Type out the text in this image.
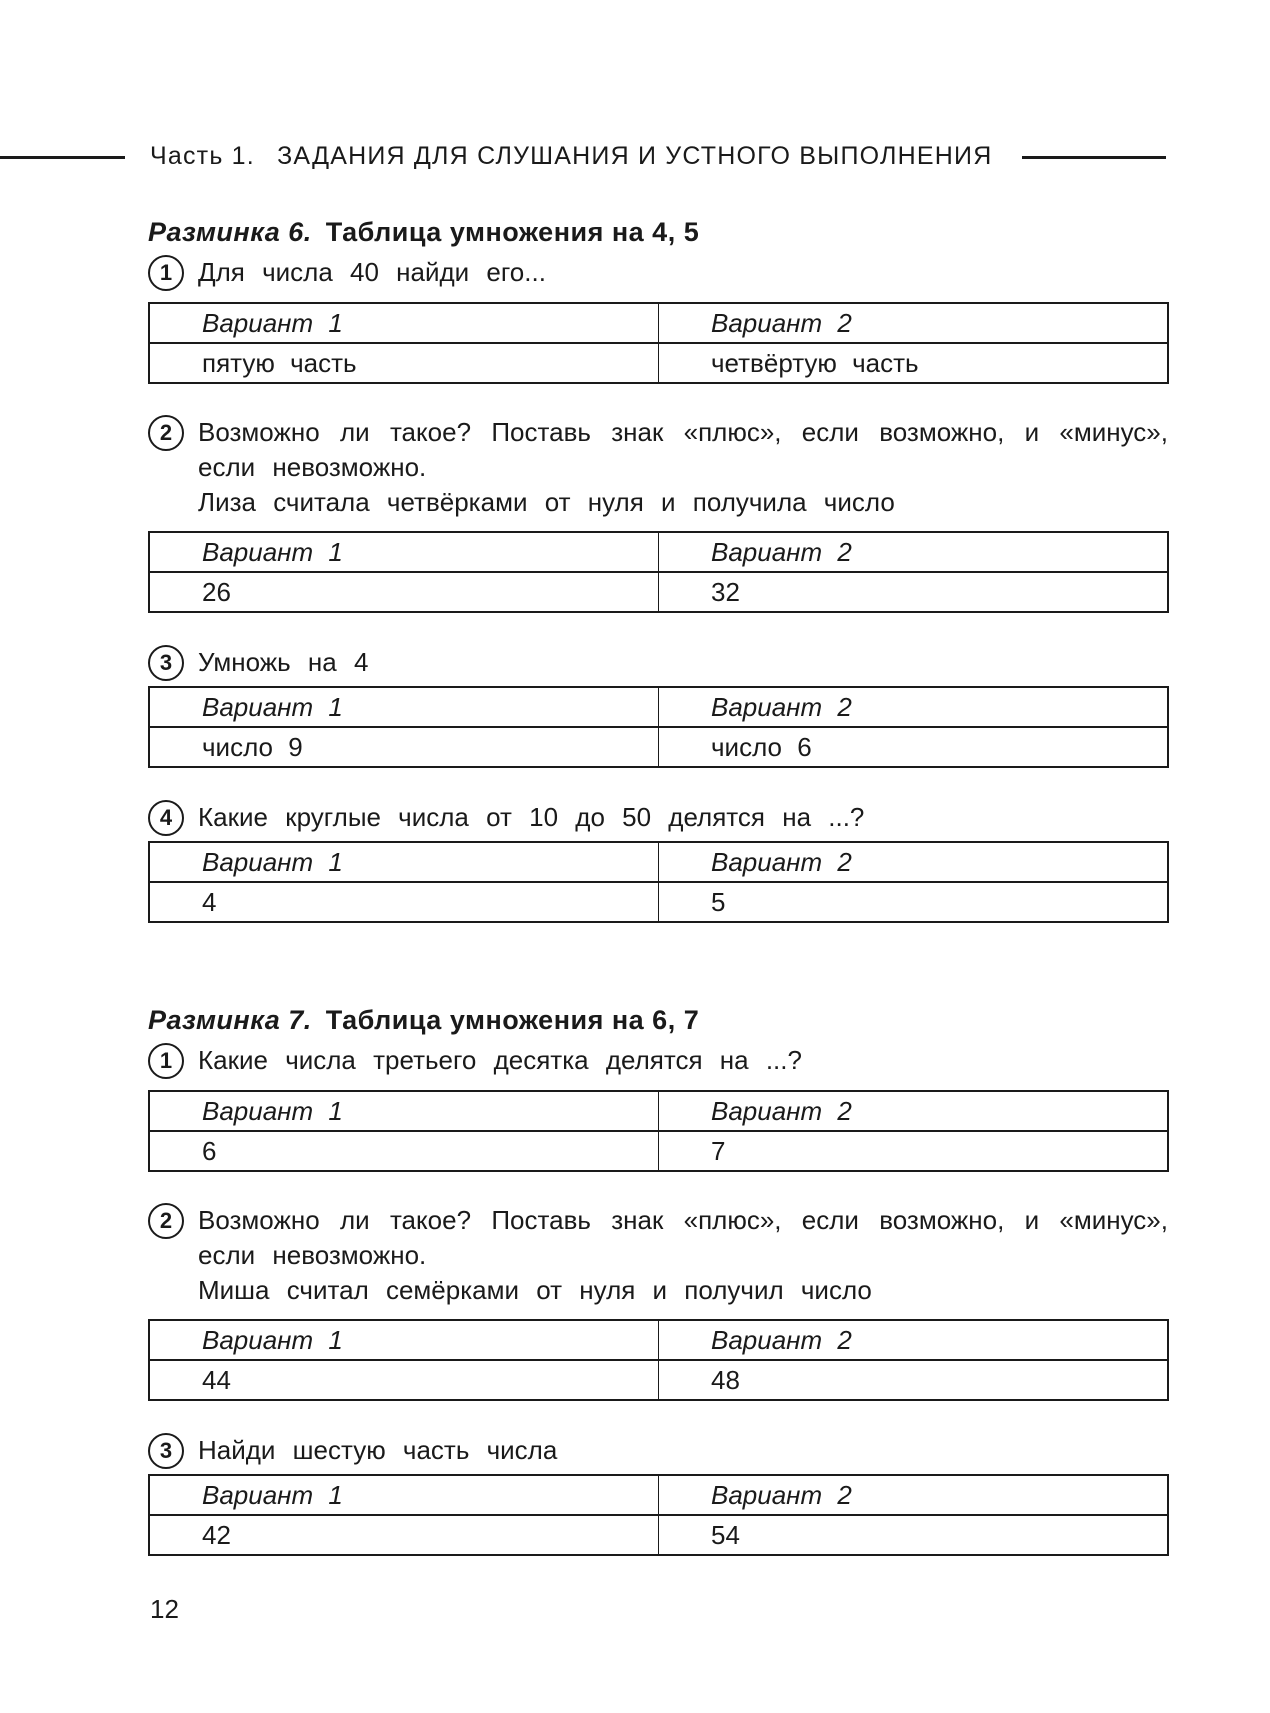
Часть 1. ЗАДАНИЯ ДЛЯ СЛУШАНИЯ И УСТНОГО ВЫПОЛНЕНИЯ
Разминка 6. Таблица умножения на 4, 5
1 Для числа 40 найди его...
Вариант 1	Вариант 2
пятую часть	четвёртую часть
2 Возможно ли такое? Поставь знак «плюс», если возможно, и «минус», если невозможно.
Лиза считала четвёрками от нуля и получила число
Вариант 1	Вариант 2
26	32
3 Умножь на 4
Вариант 1	Вариант 2
число 9	число 6
4 Какие круглые числа от 10 до 50 делятся на ...?
Вариант 1	Вариант 2
4	5
Разминка 7. Таблица умножения на 6, 7
1 Какие числа третьего десятка делятся на ...?
Вариант 1	Вариант 2
6	7
2 Возможно ли такое? Поставь знак «плюс», если возможно, и «минус», если невозможно.
Миша считал семёрками от нуля и получил число
Вариант 1	Вариант 2
44	48
3 Найди шестую часть числа
Вариант 1	Вариант 2
42	54
12
